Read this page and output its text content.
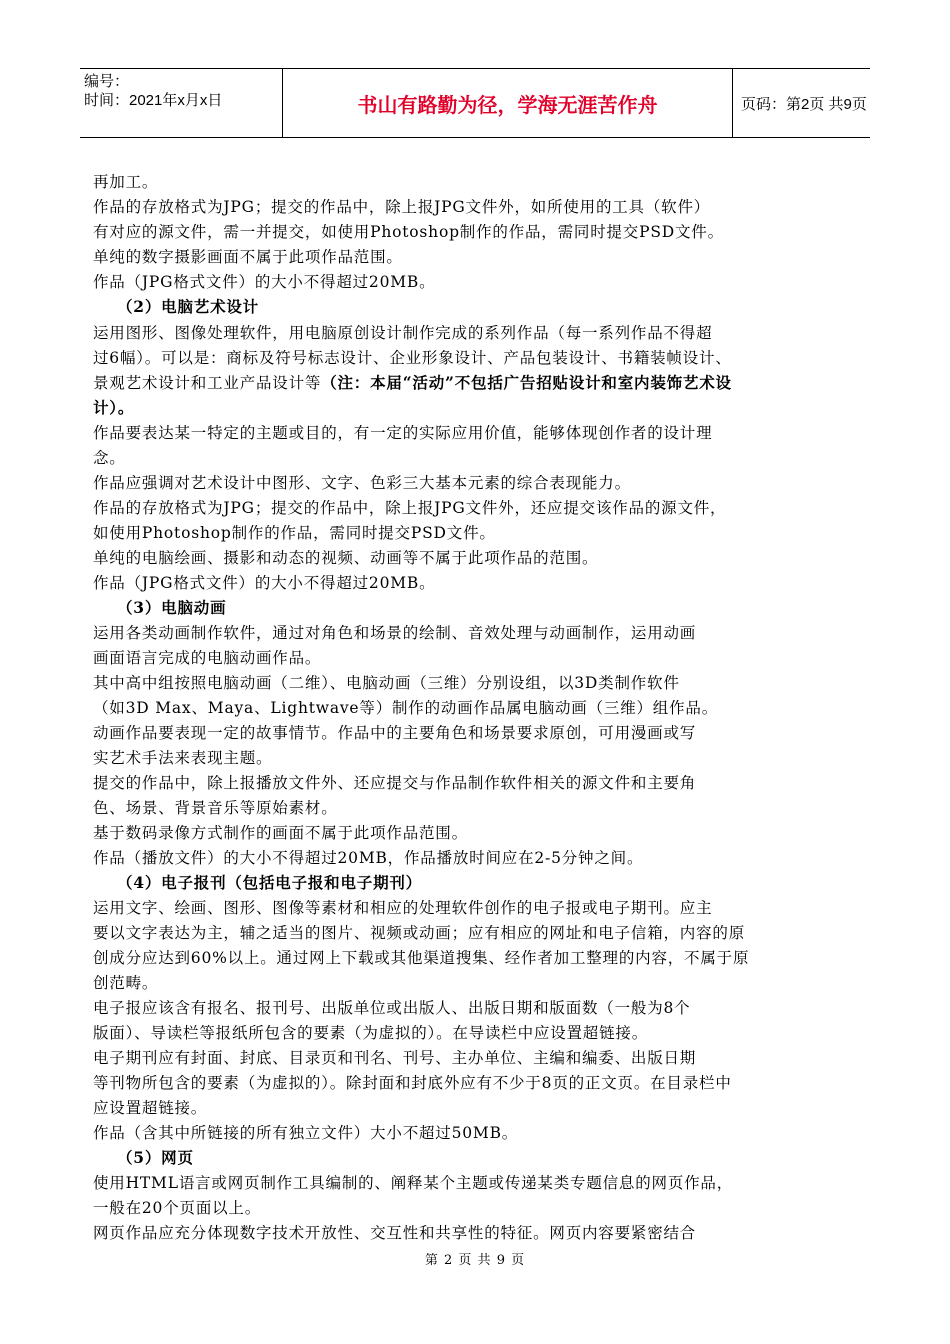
编号：
时间：2021年x月x日	书山有路勤为径，学海无涯苦作舟	页码：第2页 共9页
再加工。
作品的存放格式为JPG；提交的作品中，除上报JPG文件外，如所使用的工具（软件）
有对应的源文件，需一并提交，如使用Photoshop制作的作品，需同时提交PSD文件。
单纯的数字摄影画面不属于此项作品范围。
作品（JPG格式文件）的大小不得超过20MB。
（2）电脑艺术设计
运用图形、图像处理软件，用电脑原创设计制作完成的系列作品（每一系列作品不得超
过6幅）。可以是：商标及符号标志设计、企业形象设计、产品包装设计、书籍装帧设计、
景观艺术设计和工业产品设计等（注：本届“活动”不包括广告招贴设计和室内装饰艺术设
计）。
作品要表达某一特定的主题或目的，有一定的实际应用价值，能够体现创作者的设计理
念。
作品应强调对艺术设计中图形、文字、色彩三大基本元素的综合表现能力。
作品的存放格式为JPG；提交的作品中，除上报JPG文件外，还应提交该作品的源文件，
如使用Photoshop制作的作品，需同时提交PSD文件。
单纯的电脑绘画、摄影和动态的视频、动画等不属于此项作品的范围。
作品（JPG格式文件）的大小不得超过20MB。
（3）电脑动画
运用各类动画制作软件，通过对角色和场景的绘制、音效处理与动画制作，运用动画
画面语言完成的电脑动画作品。
其中高中组按照电脑动画（二维）、电脑动画（三维）分别设组，以3D类制作软件
（如3D Max、Maya、Lightwave等）制作的动画作品属电脑动画（三维）组作品。
动画作品要表现一定的故事情节。作品中的主要角色和场景要求原创，可用漫画或写
实艺术手法来表现主题。
提交的作品中，除上报播放文件外、还应提交与作品制作软件相关的源文件和主要角
色、场景、背景音乐等原始素材。
基于数码录像方式制作的画面不属于此项作品范围。
作品（播放文件）的大小不得超过20MB，作品播放时间应在2-5分钟之间。
（4）电子报刊（包括电子报和电子期刊）
运用文字、绘画、图形、图像等素材和相应的处理软件创作的电子报或电子期刊。应主
要以文字表达为主，辅之适当的图片、视频或动画；应有相应的网址和电子信箱，内容的原
创成分应达到60%以上。通过网上下载或其他渠道搜集、经作者加工整理的内容，不属于原
创范畴。
电子报应该含有报名、报刊号、出版单位或出版人、出版日期和版面数（一般为8个
版面）、导读栏等报纸所包含的要素（为虚拟的）。在导读栏中应设置超链接。
电子期刊应有封面、封底、目录页和刊名、刊号、主办单位、主编和编委、出版日期
等刊物所包含的要素（为虚拟的）。除封面和封底外应有不少于8页的正文页。在目录栏中
应设置超链接。
作品（含其中所链接的所有独立文件）大小不超过50MB。
（5）网页
使用HTML语言或网页制作工具编制的、阐释某个主题或传递某类专题信息的网页作品，
一般在20个页面以上。
网页作品应充分体现数字技术开放性、交互性和共享性的特征。网页内容要紧密结合
第 2 页 共 9 页
